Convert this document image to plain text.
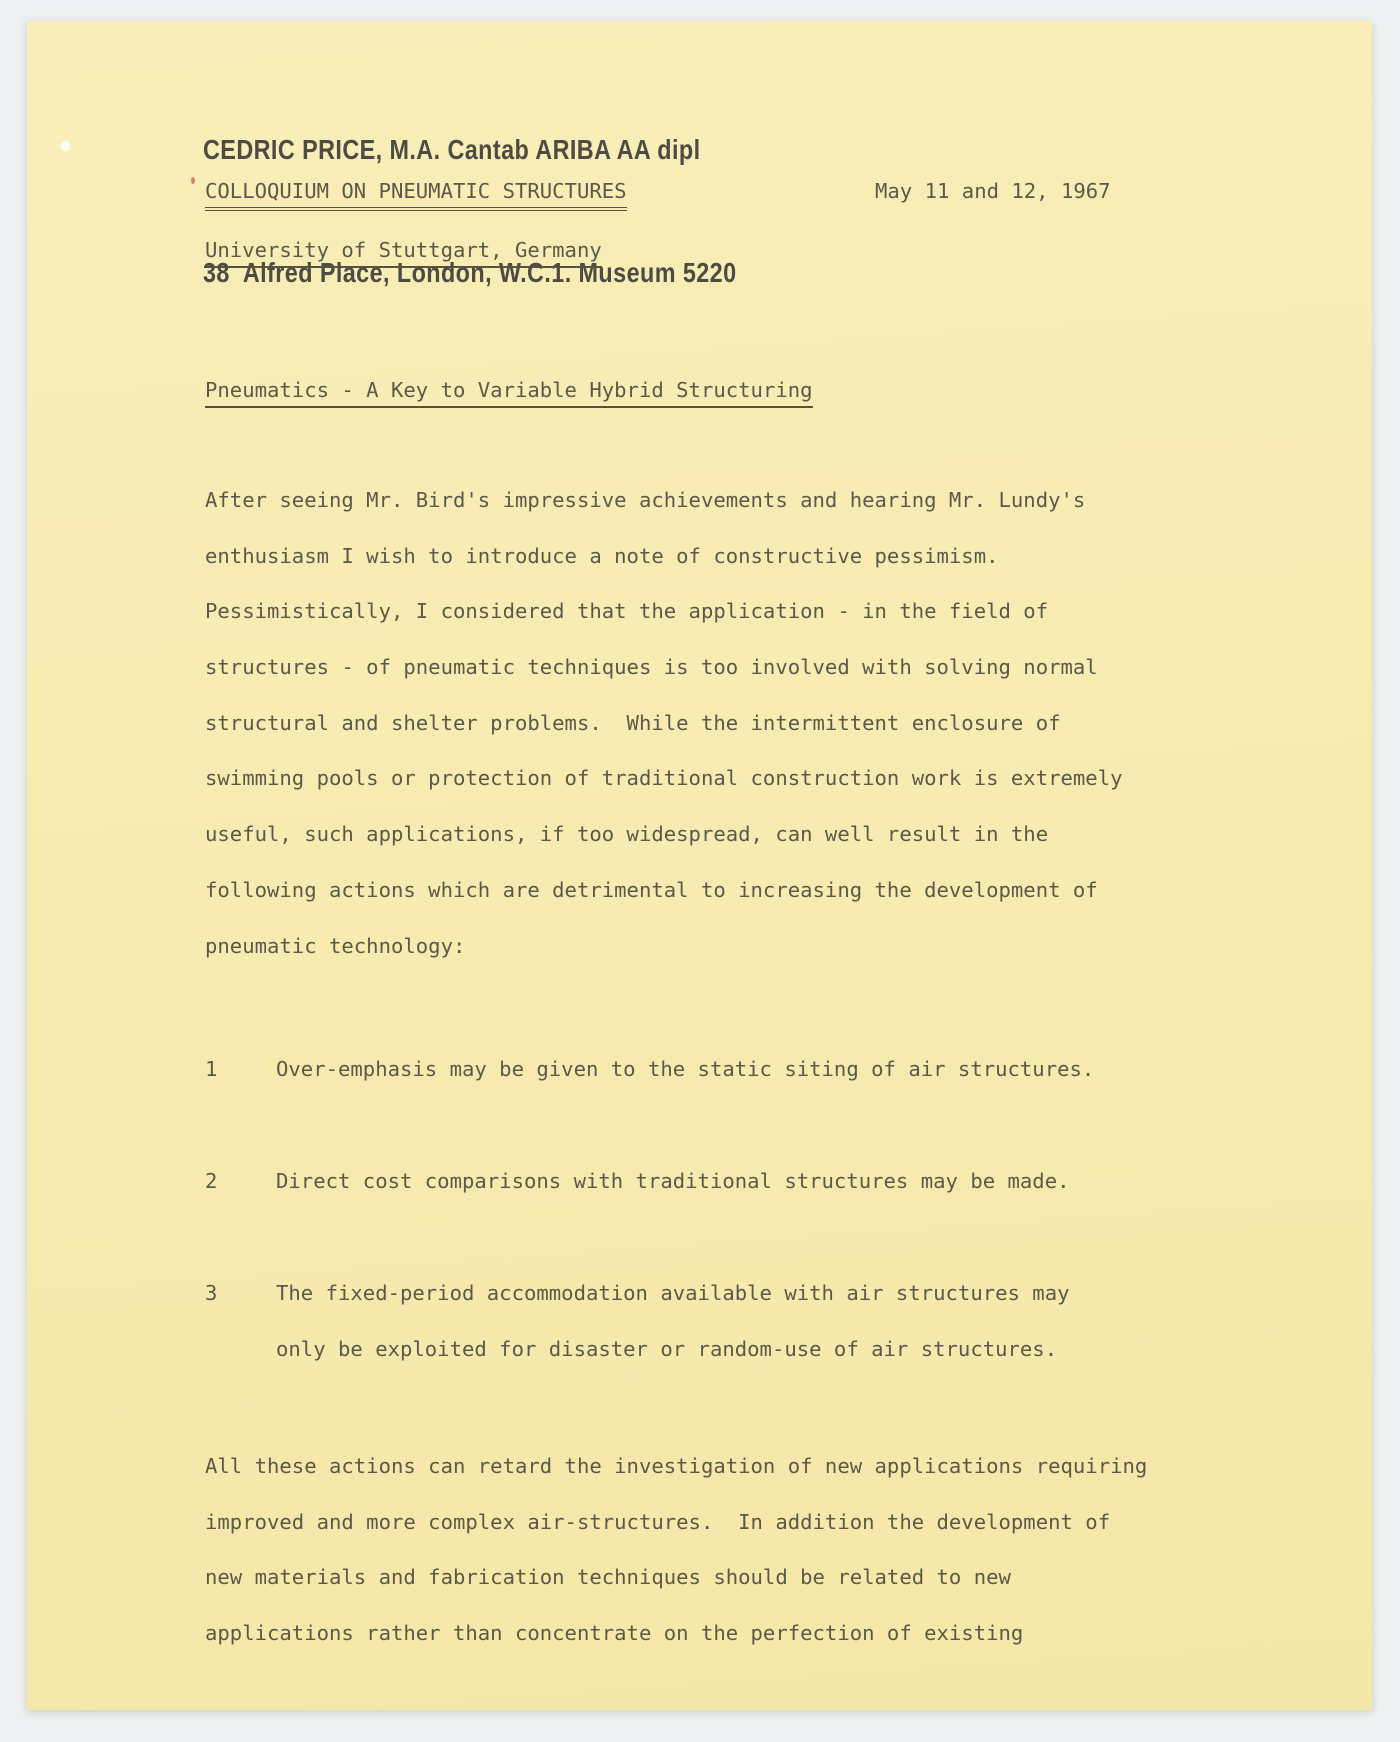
CEDRIC PRICE, M.A. Cantab ARIBA AA dipl

38  Alfred Place, London, W.C.1. Museum 5220

COLLOQUIUM ON PNEUMATIC STRUCTURES	May 11 and 12, 1967
University of Stuttgart, Germany
Pneumatics - A Key to Variable Hybrid Structuring
After seeing Mr. Bird's impressive achievements and hearing Mr. Lundy's
enthusiasm I wish to introduce a note of constructive pessimism.
Pessimistically, I considered that the application - in the field of
structures - of pneumatic techniques is too involved with solving normal
structural and shelter problems.  While the intermittent enclosure of
swimming pools or protection of traditional construction work is extremely
useful, such applications, if too widespread, can well result in the
following actions which are detrimental to increasing the development of
pneumatic technology:
1	Over-emphasis may be given to the static siting of air structures.
2	Direct cost comparisons with traditional structures may be made.
3	The fixed-period accommodation available with air structures may
only be exploited for disaster or random-use of air structures.
All these actions can retard the investigation of new applications requiring
improved and more complex air-structures.  In addition the development of
new materials and fabrication techniques should be related to new
applications rather than concentrate on the perfection of existing
